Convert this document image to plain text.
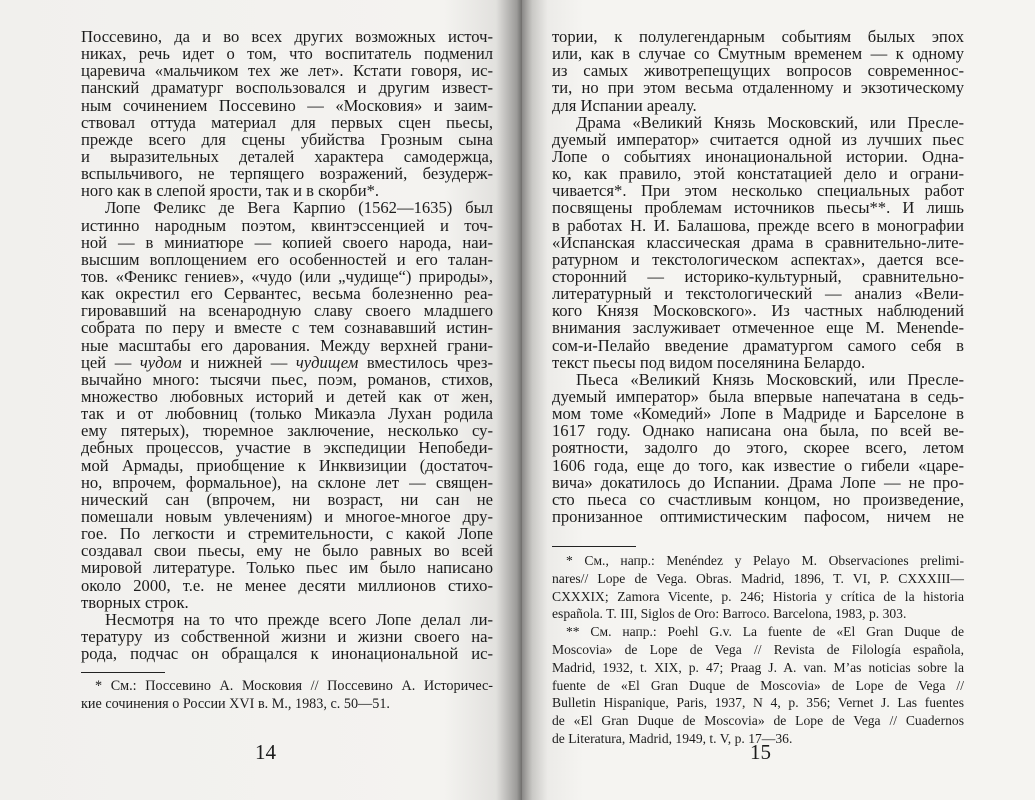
Поссевино, да и во всех других возможных источ-
никах, речь идет о том, что воспитатель подменил
царевича «мальчиком тех же лет». Кстати говоря, ис-
панский драматург воспользовался и другим извест-
ным сочинением Поссевино — «Московия» и заим-
ствовал оттуда материал для первых сцен пьесы,
прежде всего для сцены убийства Грозным сына
и выразительных деталей характера самодержца,
вспыльчивого, не терпящего возражений, безудерж-
ного как в слепой ярости, так и в скорби*.
Лопе Феликс де Вега Карпио (1562—1635) был
истинно народным поэтом, квинтэссенцией и точ-
ной — в миниатюре — копией своего народа, наи-
высшим воплощением его особенностей и его талан-
тов. «Феникс гениев», «чудо (или „чудище“) природы»,
как окрестил его Сервантес, весьма болезненно реа-
гировавший на всенародную славу своего младшего
собрата по перу и вместе с тем сознававший истин-
ные масштабы его дарования. Между верхней грани-
цей — чудом и нижней — чудищем вместилось чрез-
вычайно много: тысячи пьес, поэм, романов, стихов,
множество любовных историй и детей как от жен,
так и от любовниц (только Микаэла Лухан родила
ему пятерых), тюремное заключение, несколько су-
дебных процессов, участие в экспедиции Непобеди-
мой Армады, приобщение к Инквизиции (достаточ-
но, впрочем, формальное), на склоне лет — священ-
нический сан (впрочем, ни возраст, ни сан не
помешали новым увлечениям) и многое-многое дру-
гое. По легкости и стремительности, с какой Лопе
создавал свои пьесы, ему не было равных во всей
мировой литературе. Только пьес им было написано
около 2000, т.е. не менее десяти миллионов стихо-
творных строк.
Несмотря на то что прежде всего Лопе делал ли-
тературу из собственной жизни и жизни своего на-
рода, подчас он обращался к инонациональной ис-
* См.: Поссевино А. Московия // Поссевино А. Историчес-
кие сочинения о России XVI в. М., 1983, с. 50—51.
14
тории, к полулегендарным событиям былых эпох
или, как в случае со Смутным временем — к одному
из самых животрепещущих вопросов современнос-
ти, но при этом весьма отдаленному и экзотическому
для Испании ареалу.
Драма «Великий Князь Московский, или Пресле-
дуемый император» считается одной из лучших пьес
Лопе о событиях инонациональной истории. Одна-
ко, как правило, этой констатацией дело и ограни-
чивается*. При этом несколько специальных работ
посвящены проблемам источников пьесы**. И лишь
в работах Н. И. Балашова, прежде всего в монографии
«Испанская классическая драма в сравнительно-лите-
ратурном и текстологическом аспектах», дается все-
сторонний — историко-культурный, сравнительно-
литературный и текстологический — анализ «Вели-
кого Князя Московского». Из частных наблюдений
внимания заслуживает отмеченное еще М. Менende-
сом-и-Пелайо введение драматургом самого себя в
текст пьесы под видом поселянина Белардо.
Пьеса «Великий Князь Московский, или Пресле-
дуемый император» была впервые напечатана в седь-
мом томе «Комедий» Лопе в Мадриде и Барселоне в
1617 году. Однако написана она была, по всей ве-
роятности, задолго до этого, скорее всего, летом
1606 года, еще до того, как известие о гибели «царе-
вича» докатилось до Испании. Драма Лопе — не про-
сто пьеса со счастливым концом, но произведение,
пронизанное оптимистическим пафосом, ничем не
* См., напр.: Menéndez y Pelayo M. Observaciones prelimi-
nares// Lope de Vega. Obras. Madrid, 1896, T. VI, P. CXXXIII—
CXXXIX; Zamora Vicente, p. 246; Historia y crítica de la historia
española. T. III, Siglos de Oro: Barroco. Barcelona, 1983, p. 303.
** См. напр.: Poehl G.v. La fuente de «El Gran Duque de
Moscovia» de Lope de Vega // Revista de Filología española,
Madrid, 1932, t. XIX, p. 47; Praag J. A. van. M’as noticias sobre la
fuente de «El Gran Duque de Moscovia» de Lope de Vega //
Bulletin Hispanique, Paris, 1937, N 4, p. 356; Vernet J. Las fuentes
de «El Gran Duque de Moscovia» de Lope de Vega // Cuadernos
de Literatura, Madrid, 1949, t. V, p. 17—36.
15
